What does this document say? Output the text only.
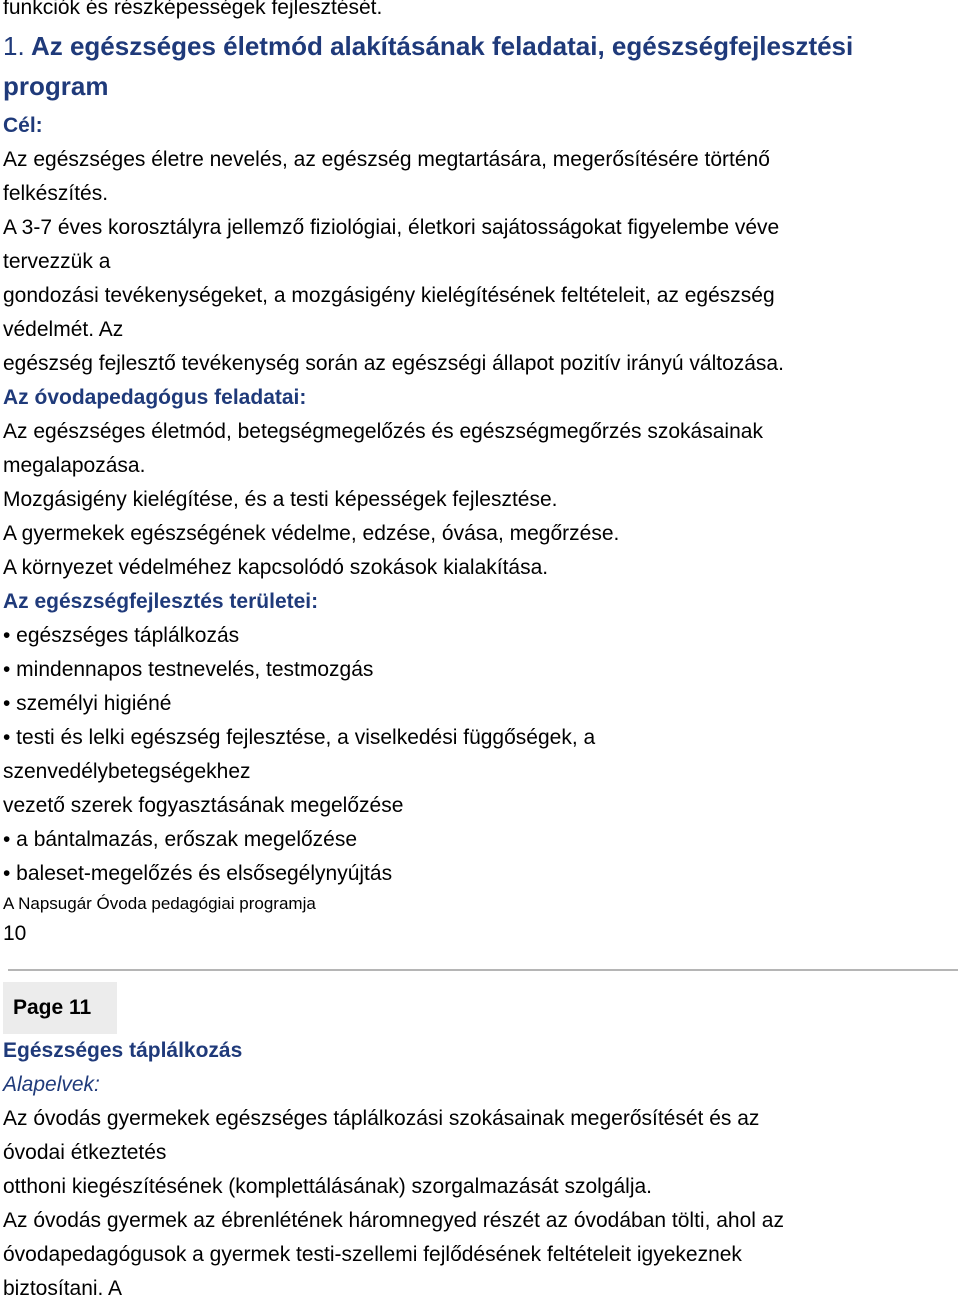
funkciók és részképességek fejlesztését.
1. Az egészséges életmód alakításának feladatai, egészségfejlesztési
program
Cél:
Az egészséges életre nevelés, az egészség megtartására, megerősítésére történő
felkészítés.
A 3-7 éves korosztályra jellemző fiziológiai, életkori sajátosságokat figyelembe véve
tervezzük a
gondozási tevékenységeket, a mozgásigény kielégítésének feltételeit, az egészség
védelmét. Az
egészség fejlesztő tevékenység során az egészségi állapot pozitív irányú változása.
Az óvodapedagógus feladatai:
Az egészséges életmód, betegségmegelőzés és egészségmegőrzés szokásainak
megalapozása.
Mozgásigény kielégítése, és a testi képességek fejlesztése.
A gyermekek egészségének védelme, edzése, óvása, megőrzése.
A környezet védelméhez kapcsolódó szokások kialakítása.
Az egészségfejlesztés területei:
• egészséges táplálkozás
• mindennapos testnevelés, testmozgás
• személyi higiéné
• testi és lelki egészség fejlesztése, a viselkedési függőségek, a
szenvedélybetegségekhez
vezető szerek fogyasztásának megelőzése
• a bántalmazás, erőszak megelőzése
• baleset-megelőzés és elsősegélynyújtás
A Napsugár Óvoda pedagógiai programja
10
Page 11
Egészséges táplálkozás
Alapelvek:
Az óvodás gyermekek egészséges táplálkozási szokásainak megerősítését és az
óvodai étkeztetés
otthoni kiegészítésének (komplettálásának) szorgalmazását szolgálja.
Az óvodás gyermek az ébrenlétének háromnegyed részét az óvodában tölti, ahol az
óvodapedagógusok a gyermek testi-szellemi fejlődésének feltételeit igyekeznek
biztosítani. A
